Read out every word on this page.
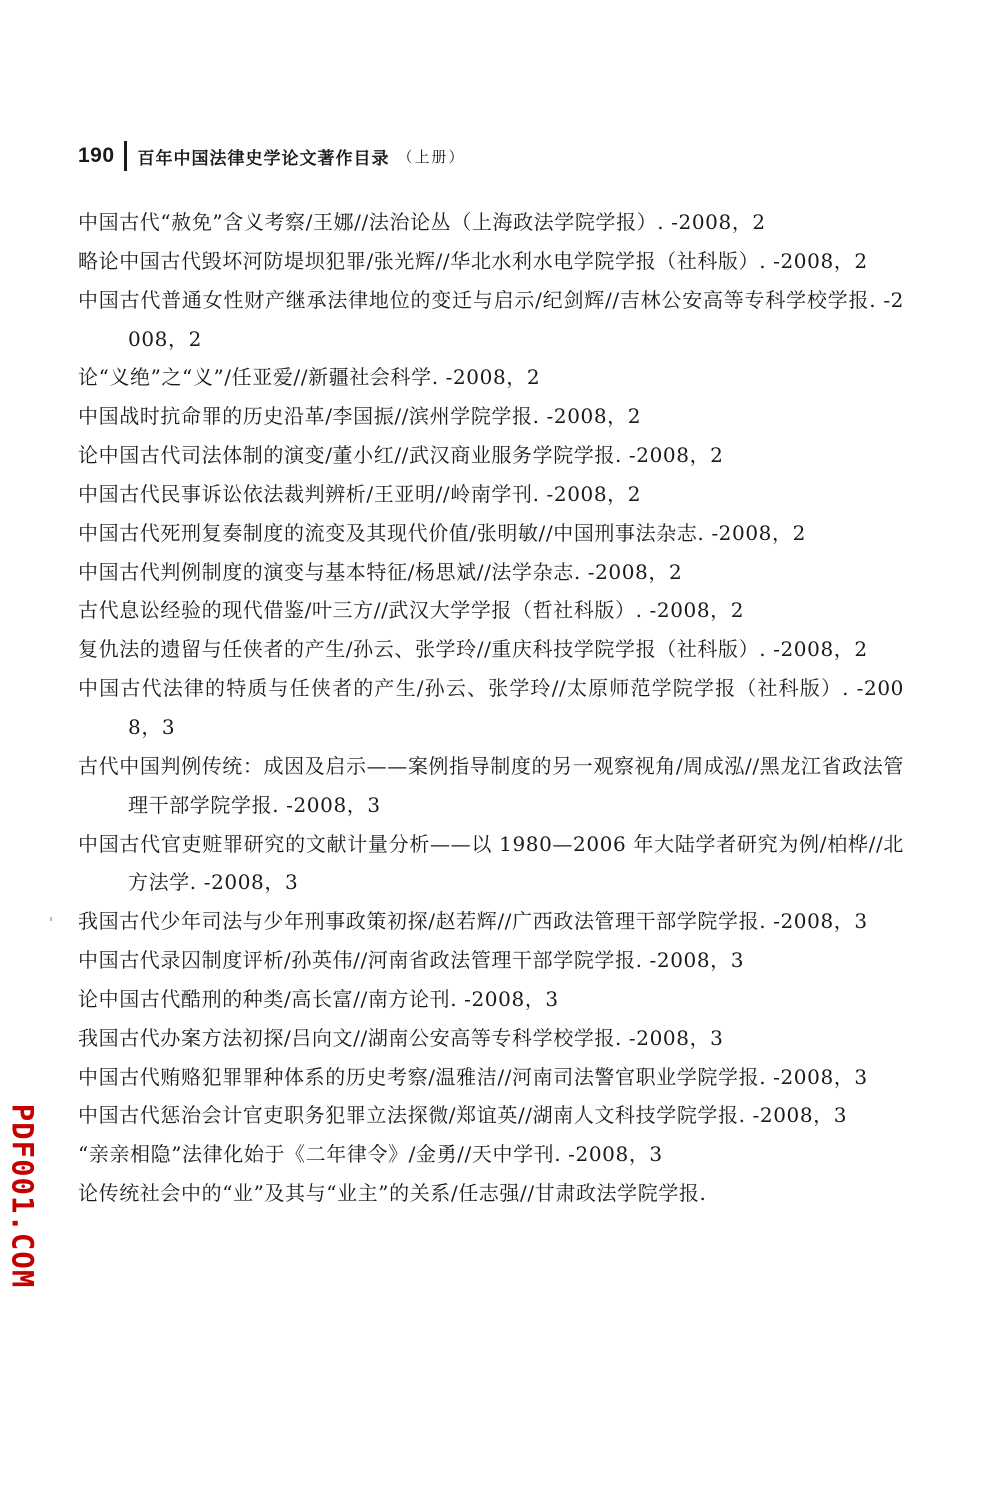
190 百年中国法律史学论文著作目录 （上册）
中国古代“赦免”含义考察/王娜//法治论丛（上海政法学院学报）. -2008，2
略论中国古代毁坏河防堤坝犯罪/张光辉//华北水利水电学院学报（社科版）. -2008，2
中国古代普通女性财产继承法律地位的变迁与启示/纪剑辉//吉林公安高等专科学校学报. -2008，2
论“义绝”之“义”/任亚爱//新疆社会科学. -2008，2
中国战时抗命罪的历史沿革/李国振//滨州学院学报. -2008，2
论中国古代司法体制的演变/董小红//武汉商业服务学院学报. -2008，2
中国古代民事诉讼依法裁判辨析/王亚明//岭南学刊. -2008，2
中国古代死刑复奏制度的流变及其现代价值/张明敏//中国刑事法杂志. -2008，2
中国古代判例制度的演变与基本特征/杨思斌//法学杂志. -2008，2
古代息讼经验的现代借鉴/叶三方//武汉大学学报（哲社科版）. -2008，2
复仇法的遗留与任侠者的产生/孙云、张学玲//重庆科技学院学报（社科版）. -2008，2
中国古代法律的特质与任侠者的产生/孙云、张学玲//太原师范学院学报（社科版）. -2008，3
古代中国判例传统：成因及启示——案例指导制度的另一观察视角/周成泓//黑龙江省政法管理干部学院学报. -2008，3
中国古代官吏赃罪研究的文献计量分析——以 1980—2006 年大陆学者研究为例/柏桦//北方法学. -2008，3
我国古代少年司法与少年刑事政策初探/赵若辉//广西政法管理干部学院学报. -2008，3
中国古代录囚制度评析/孙英伟//河南省政法管理干部学院学报. -2008，3
论中国古代酷刑的种类/高长富//南方论刊. -2008，3
我国古代办案方法初探/吕向文//湖南公安高等专科学校学报. -2008，3
中国古代贿赂犯罪罪种体系的历史考察/温雅洁//河南司法警官职业学院学报. -2008，3
中国古代惩治会计官吏职务犯罪立法探微/郑谊英//湖南人文科技学院学报. -2008，3
“亲亲相隐”法律化始于《二年律令》/金勇//天中学刊. -2008，3
论传统社会中的“业”及其与“业主”的关系/任志强//甘肃政法学院学报.
PDF001.COM
